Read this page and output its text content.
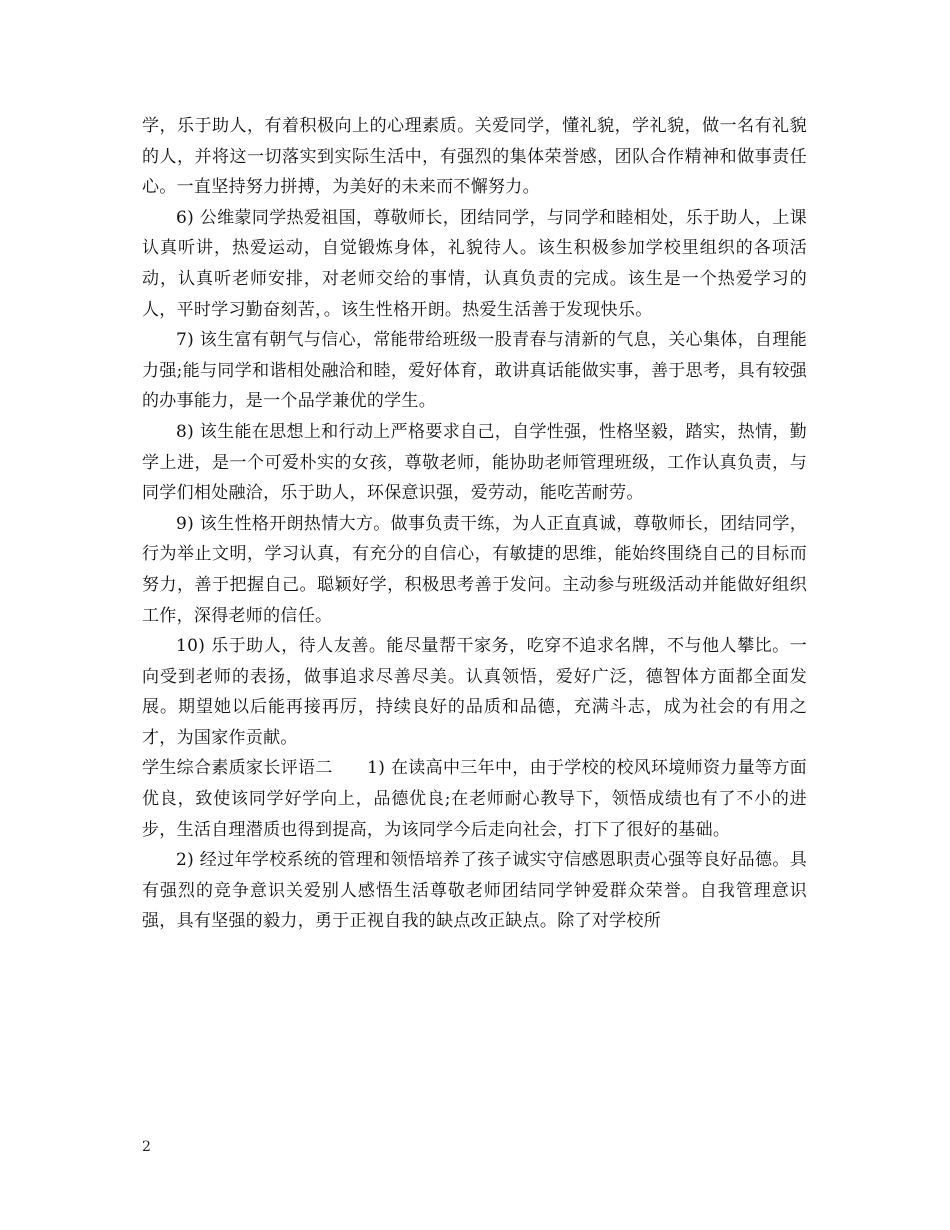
学，乐于助人，有着积极向上的心理素质。关爱同学，懂礼貌，学礼貌，做一名有礼貌的人，并将这一切落实到实际生活中，有强烈的集体荣誉感，团队合作精神和做事责任心。一直坚持努力拼搏，为美好的未来而不懈努力。

6) 公维蒙同学热爱祖国，尊敬师长，团结同学，与同学和睦相处，乐于助人，上课认真听讲，热爱运动，自觉锻炼身体，礼貌待人。该生积极参加学校里组织的各项活动，认真听老师安排，对老师交给的事情，认真负责的完成。该生是一个热爱学习的人，平时学习勤奋刻苦，。该生性格开朗。热爱生活善于发现快乐。

7) 该生富有朝气与信心，常能带给班级一股青春与清新的气息，关心集体，自理能力强;能与同学和谐相处融洽和睦，爱好体育，敢讲真话能做实事，善于思考，具有较强的办事能力，是一个品学兼优的学生。

8) 该生能在思想上和行动上严格要求自己，自学性强，性格坚毅，踏实，热情，勤学上进，是一个可爱朴实的女孩，尊敬老师，能协助老师管理班级，工作认真负责，与同学们相处融洽，乐于助人，环保意识强，爱劳动，能吃苦耐劳。

9) 该生性格开朗热情大方。做事负责干练，为人正直真诚，尊敬师长，团结同学，行为举止文明，学习认真，有充分的自信心，有敏捷的思维，能始终围绕自己的目标而努力，善于把握自己。聪颖好学，积极思考善于发问。主动参与班级活动并能做好组织工作，深得老师的信任。

10) 乐于助人，待人友善。能尽量帮干家务，吃穿不追求名牌，不与他人攀比。一向受到老师的表扬，做事追求尽善尽美。认真领悟，爱好广泛，德智体方面都全面发展。期望她以后能再接再厉，持续良好的品质和品德，充满斗志，成为社会的有用之才，为国家作贡献。

学生综合素质家长评语二 1) 在读高中三年中，由于学校的校风环境师资力量等方面优良，致使该同学好学向上，品德优良;在老师耐心教导下，领悟成绩也有了不小的进步，生活自理潜质也得到提高，为该同学今后走向社会，打下了很好的基础。

2) 经过年学校系统的管理和领悟培养了孩子诚实守信感恩职责心强等良好品德。具有强烈的竞争意识关爱别人感悟生活尊敬老师团结同学钟爱群众荣誉。自我管理意识强，具有坚强的毅力，勇于正视自我的缺点改正缺点。除了对学校所

2
